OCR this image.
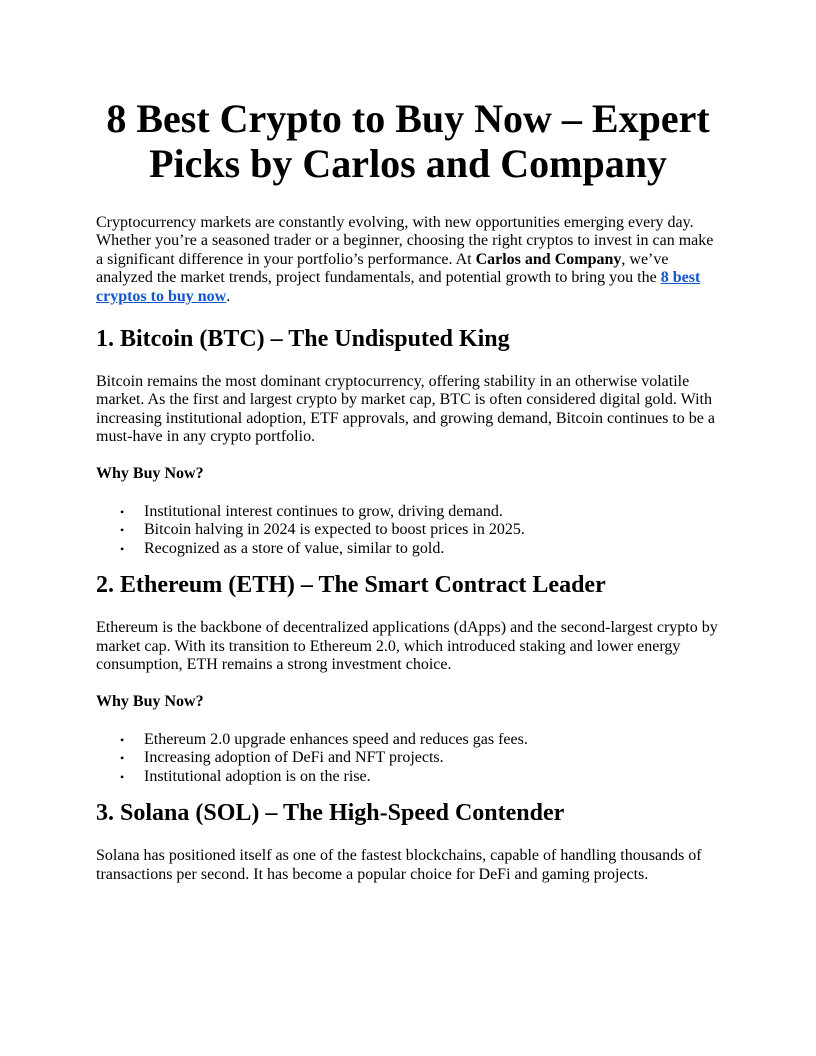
8 Best Crypto to Buy Now – Expert Picks by Carlos and Company

Cryptocurrency markets are constantly evolving, with new opportunities emerging every day. Whether you’re a seasoned trader or a beginner, choosing the right cryptos to invest in can make a significant difference in your portfolio’s performance. At Carlos and Company, we’ve analyzed the market trends, project fundamentals, and potential growth to bring you the 8 best cryptos to buy now.

1. Bitcoin (BTC) – The Undisputed King

Bitcoin remains the most dominant cryptocurrency, offering stability in an otherwise volatile market. As the first and largest crypto by market cap, BTC is often considered digital gold. With increasing institutional adoption, ETF approvals, and growing demand, Bitcoin continues to be a must-have in any crypto portfolio.

Why Buy Now?

• Institutional interest continues to grow, driving demand.
• Bitcoin halving in 2024 is expected to boost prices in 2025.
• Recognized as a store of value, similar to gold.
2. Ethereum (ETH) – The Smart Contract Leader

Ethereum is the backbone of decentralized applications (dApps) and the second-largest crypto by market cap. With its transition to Ethereum 2.0, which introduced staking and lower energy consumption, ETH remains a strong investment choice.

Why Buy Now?

• Ethereum 2.0 upgrade enhances speed and reduces gas fees.
• Increasing adoption of DeFi and NFT projects.
• Institutional adoption is on the rise.
3. Solana (SOL) – The High-Speed Contender

Solana has positioned itself as one of the fastest blockchains, capable of handling thousands of transactions per second. It has become a popular choice for DeFi and gaming projects.
